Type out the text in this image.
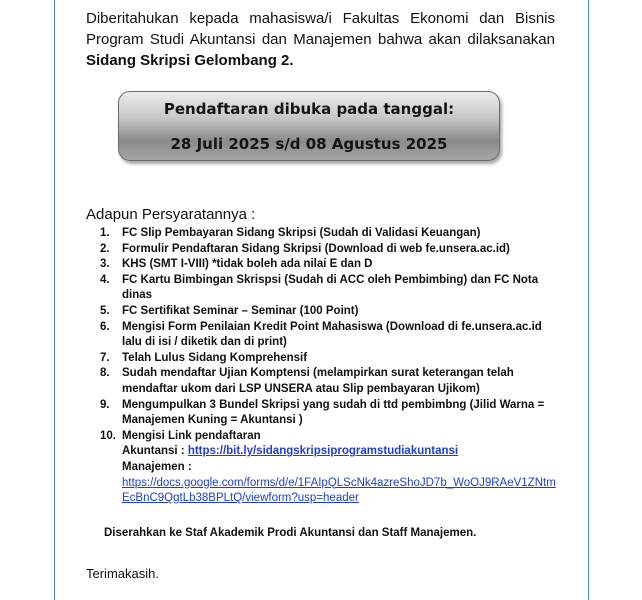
Diberitahukan kepada mahasiswa/i Fakultas Ekonomi dan Bisnis Program Studi Akuntansi dan Manajemen bahwa akan dilaksanakan Sidang Skripsi Gelombang 2.
Pendaftaran dibuka pada tanggal:
28 Juli 2025 s/d 08 Agustus 2025
Adapun Persyaratannya :
1.	FC Slip Pembayaran Sidang Skripsi (Sudah di Validasi Keuangan)
2.	Formulir Pendaftaran Sidang Skripsi (Download di web fe.unsera.ac.id)
3.	KHS (SMT I-VIII) *tidak boleh ada nilai E dan D
4.	FC Kartu Bimbingan Skrispsi (Sudah di ACC oleh Pembimbing) dan FC Nota dinas
5.	FC Sertifikat Seminar – Seminar (100 Point)
6.	Mengisi Form Penilaian Kredit Point Mahasiswa (Download di fe.unsera.ac.id lalu di isi / diketik dan di print)
7.	Telah Lulus Sidang Komprehensif
8.	Sudah mendaftar Ujian Komptensi (melampirkan surat keterangan telah mendaftar ukom dari LSP UNSERA atau Slip pembayaran Ujikom)
9.	Mengumpulkan 3 Bundel Skripsi yang sudah di ttd pembimbng (Jilid Warna = Manajemen Kuning = Akuntansi )
10. Mengisi Link pendaftaran
Akuntansi : https://bit.ly/sidangskripsiprogramstudiakuntansi
Manajemen :
https://docs.google.com/forms/d/e/1FAIpQLScNk4azreShoJD7b_WoOJ9RAeV1ZNtmEcBnC9QgtLb38BPLtQ/viewform?usp=header
Diserahkan ke Staf Akademik Prodi Akuntansi dan Staff Manajemen.
Terimakasih.
